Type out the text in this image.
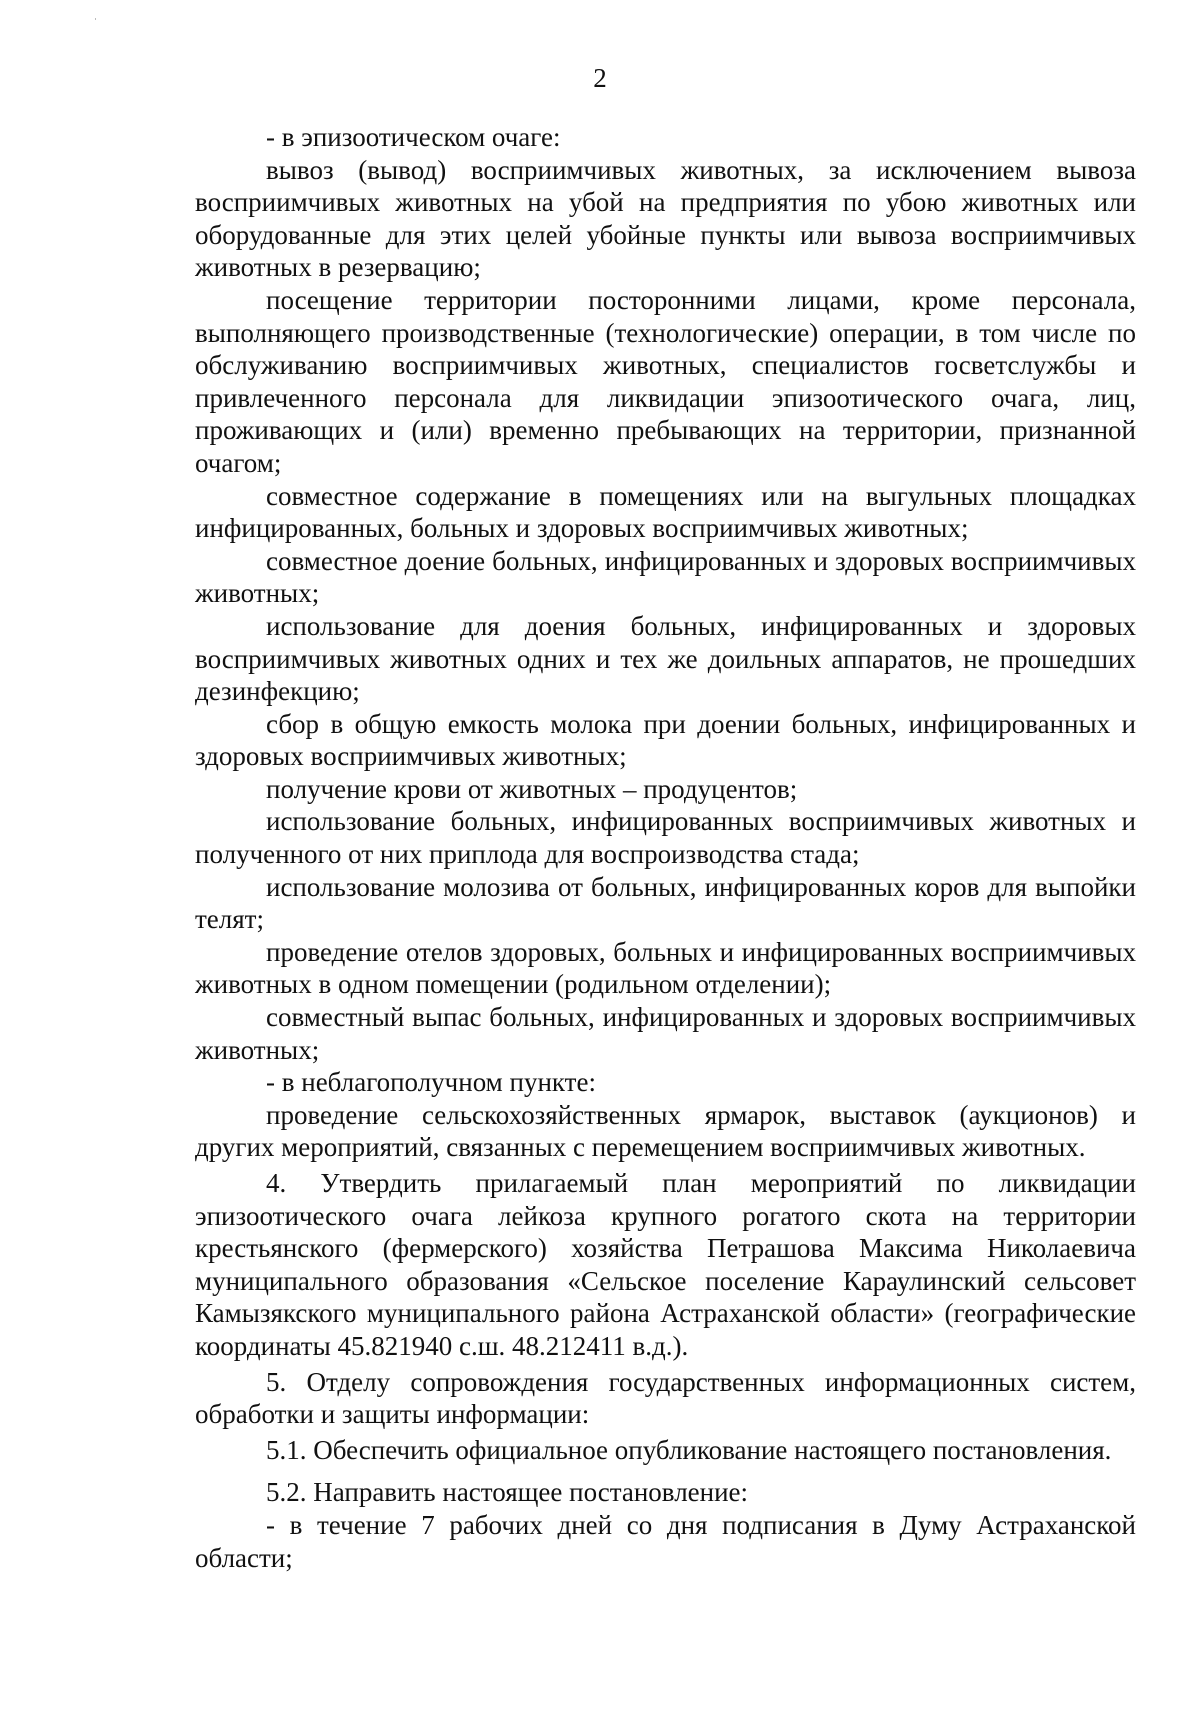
2

- в эпизоотическом очаге:

вывоз (вывод) восприимчивых животных, за исключением вывоза восприимчивых животных на убой на предприятия по убою животных или оборудованные для этих целей убойные пункты или вывоза восприимчивых животных в резервацию;

посещение территории посторонними лицами, кроме персонала, выполняющего производственные (технологические) операции, в том числе по обслуживанию восприимчивых животных, специалистов госветслужбы и привлеченного персонала для ликвидации эпизоотического очага, лиц, проживающих и (или) временно пребывающих на территории, признанной очагом;

совместное содержание в помещениях или на выгульных площадках инфицированных, больных и здоровых восприимчивых животных;

совместное доение больных, инфицированных и здоровых восприимчивых животных;

использование для доения больных, инфицированных и здоровых восприимчивых животных одних и тех же доильных аппаратов, не прошедших дезинфекцию;

сбор в общую емкость молока при доении больных, инфицированных и здоровых восприимчивых животных;

получение крови от животных – продуцентов;

использование больных, инфицированных восприимчивых животных и полученного от них приплода для воспроизводства стада;

использование молозива от больных, инфицированных коров для выпойки телят;

проведение отелов здоровых, больных и инфицированных восприимчивых животных в одном помещении (родильном отделении);

совместный выпас больных, инфицированных и здоровых восприимчивых животных;

- в неблагополучном пункте:

проведение сельскохозяйственных ярмарок, выставок (аукционов) и других мероприятий, связанных с перемещением восприимчивых животных.

4. Утвердить прилагаемый план мероприятий по ликвидации эпизоотического очага лейкоза крупного рогатого скота на территории крестьянского (фермерского) хозяйства Петрашова Максима Николаевича муниципального образования «Сельское поселение Караулинский сельсовет Камызякского муниципального района Астраханской области» (географические координаты 45.821940 с.ш. 48.212411 в.д.).

5. Отделу сопровождения государственных информационных систем, обработки и защиты информации:

5.1. Обеспечить официальное опубликование настоящего постановления.

5.2. Направить настоящее постановление:

- в течение 7 рабочих дней со дня подписания в Думу Астраханской области;
